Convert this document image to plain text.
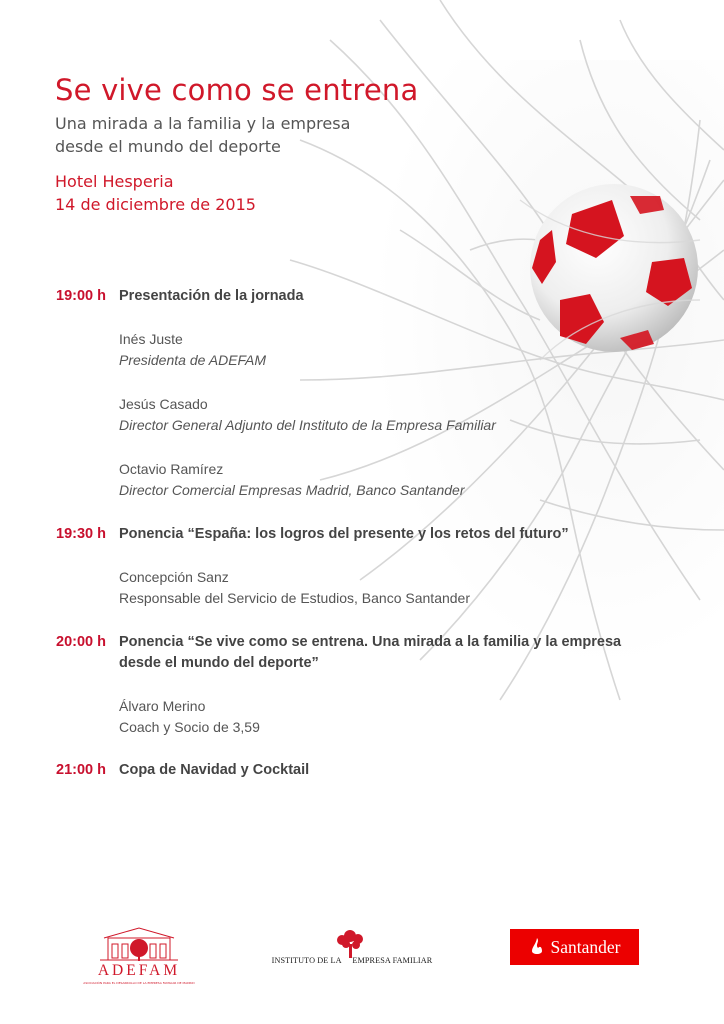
Se vive como se entrena
Una mirada a la familia y la empresa
desde el mundo del deporte
Hotel Hesperia
14 de diciembre de 2015
19:00 h Presentación de la jornada
Inés Juste
Presidenta de ADEFAM
Jesús Casado
Director General Adjunto del Instituto de la Empresa Familiar
Octavio Ramírez
Director Comercial Empresas Madrid, Banco Santander
19:30 h Ponencia “España: los logros del presente y los retos del futuro”
Concepción Sanz
Responsable del Servicio de Estudios, Banco Santander
20:00 h Ponencia “Se vive como se entrena. Una mirada a la familia y la empresa
desde el mundo del deporte”
Álvaro Merino
Coach y Socio de 3,59
21:00 h Copa de Navidad y Cocktail
ADEFAM
ASOCIACIÓN PARA EL DESARROLLO DE LA EMPRESA FAMILIAR DE MADRID
INSTITUTO DE LA EMPRESA FAMILIAR
Santander
